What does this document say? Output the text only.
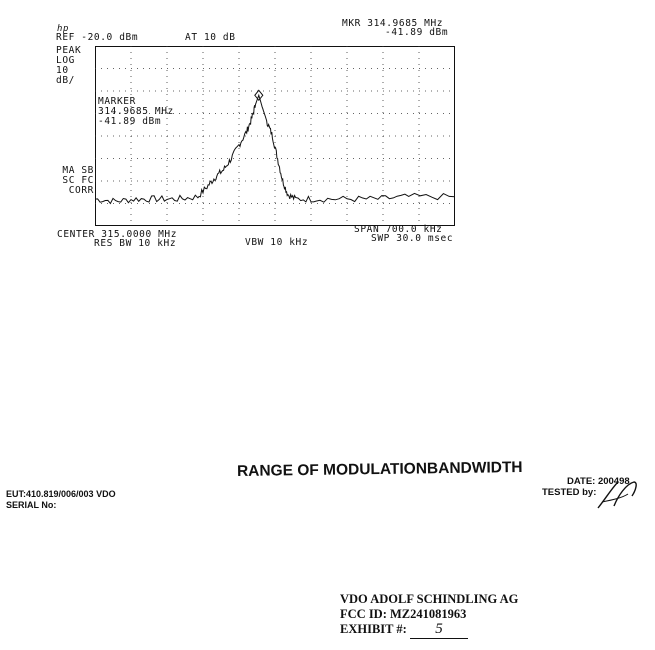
hp
REF -20.0 dBm	AT 10 dB
MKR 314.9685 MHz
-41.89 dBm
PEAK
LOG
10
dB/
MA SB
SC FC
CORR
MARKER
314.9685 MHz
-41.89 dBm
CENTER 315.0000 MHz
RES BW 10 kHz	VBW 10 kHz
SPAN 700.0 kHz
SWP 30.0 msec
RANGE OF MODULATIONBANDWIDTH
EUT:410.819/006/003 VDO
SERIAL No:
DATE: 200498
TESTED by:
VDO ADOLF SCHINDLING AG
FCC ID: MZ241081963
EXHIBIT #: 5
